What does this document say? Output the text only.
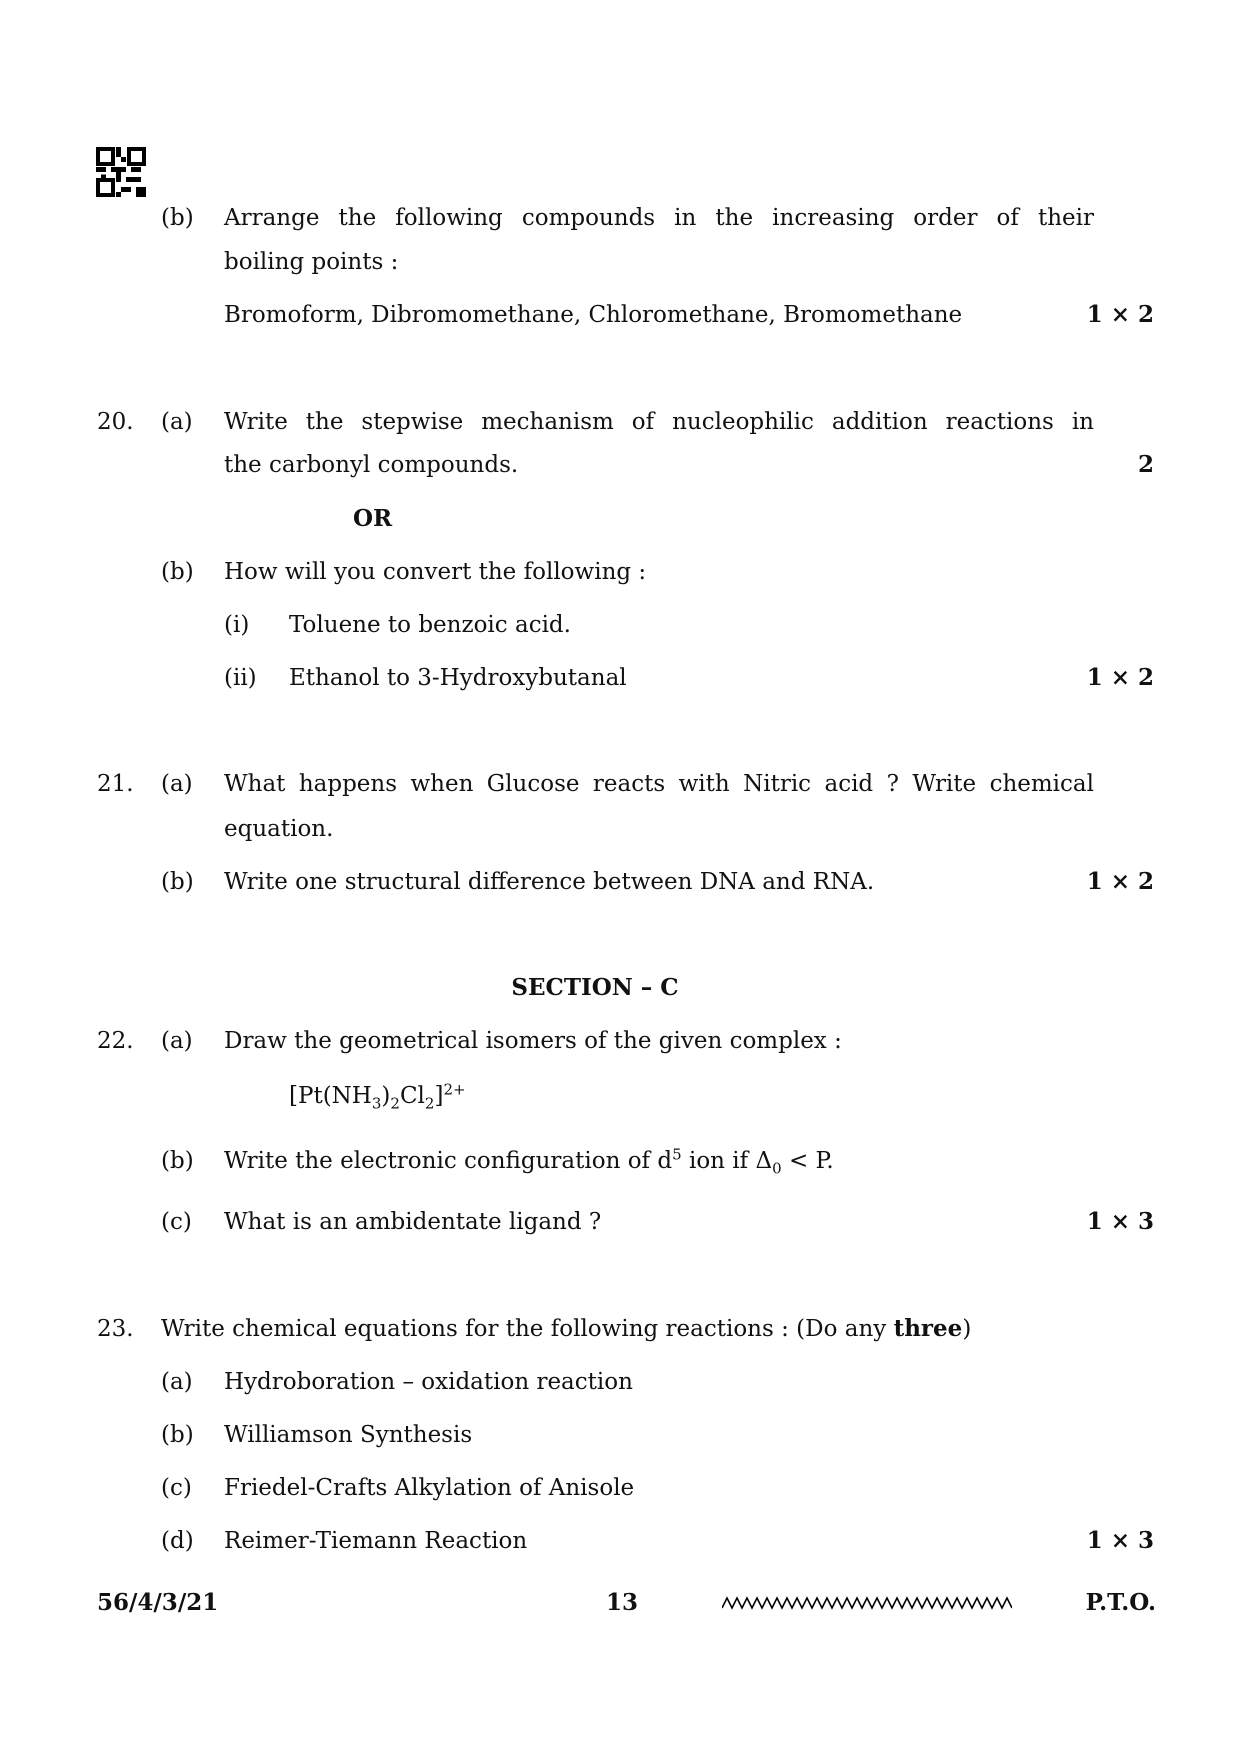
(b) Arrange the following compounds in the increasing order of their
boiling points :
Bromoform, Dibromomethane, Chloromethane, Bromomethane	1 × 2
20. (a) Write the stepwise mechanism of nucleophilic addition reactions in
the carbonyl compounds.	2
OR
(b) How will you convert the following :
(i) Toluene to benzoic acid.
(ii) Ethanol to 3-Hydroxybutanal	1 × 2
21. (a) What happens when Glucose reacts with Nitric acid ? Write chemical
equation.
(b) Write one structural difference between DNA and RNA.	1 × 2
SECTION – C
22. (a) Draw the geometrical isomers of the given complex :
$[Pt(NH_3)_2Cl_2]^{2+}$
(b) Write the electronic configuration of $d^5$ ion if $\Delta_0 < P$.
(c) What is an ambidentate ligand ?	1 × 3
23. Write chemical equations for the following reactions : (Do any three)
(a) Hydroboration – oxidation reaction
(b) Williamson Synthesis
(c) Friedel-Crafts Alkylation of Anisole
(d) Reimer-Tiemann Reaction	1 × 3
56/4/3/21	13	P.T.O.
